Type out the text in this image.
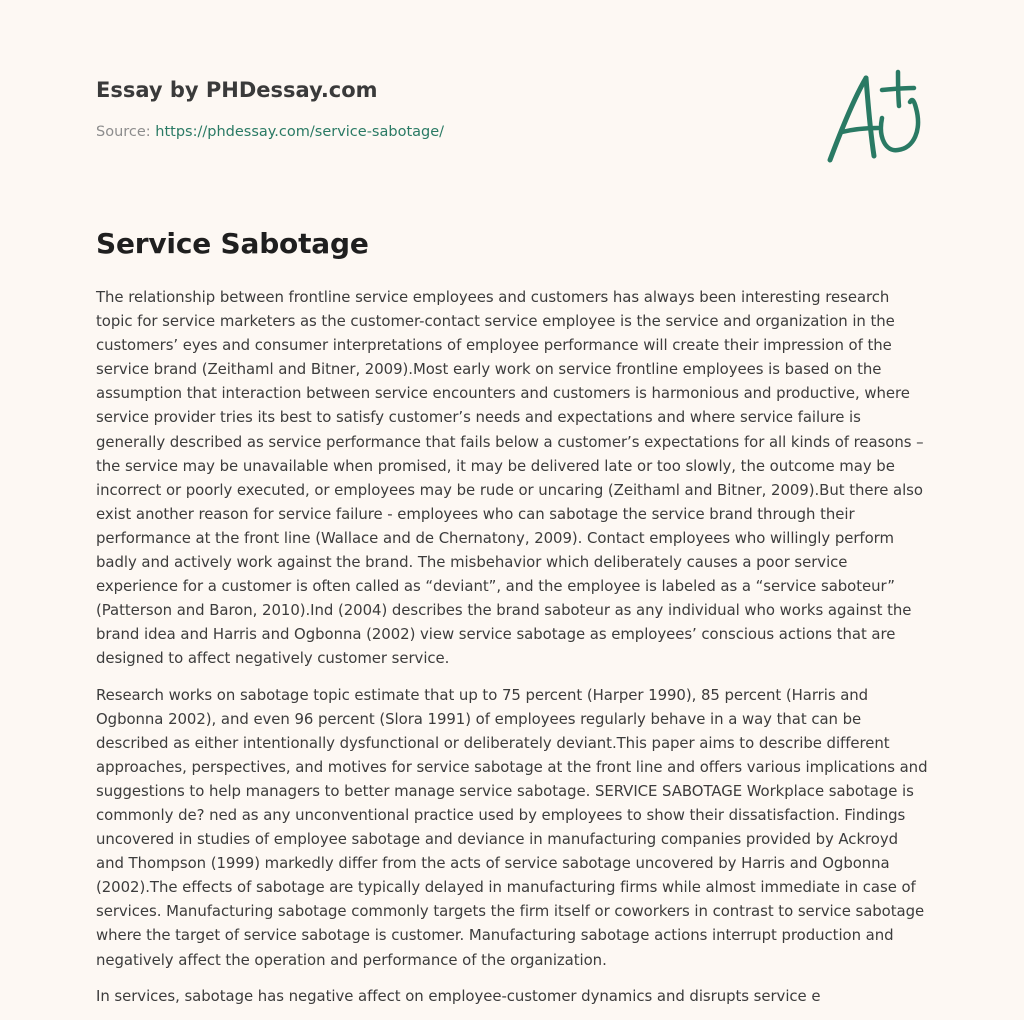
Essay by PHDessay.com
Source: https://phdessay.com/service-sabotage/
Service Sabotage

The relationship between frontline service employees and customers has always been interesting research topic for service marketers as the customer-contact service employee is the service and organization in the customers’ eyes and consumer interpretations of employee performance will create their impression of the service brand (Zeithaml and Bitner, 2009).Most early work on service frontline employees is based on the assumption that interaction between service encounters and customers is harmonious and productive, where service provider tries its best to satisfy customer’s needs and expectations and where service failure is generally described as service performance that fails below a customer’s expectations for all kinds of reasons – the service may be unavailable when promised, it may be delivered late or too slowly, the outcome may be incorrect or poorly executed, or employees may be rude or uncaring (Zeithaml and Bitner, 2009).But there also exist another reason for service failure - employees who can sabotage the service brand through their performance at the front line (Wallace and de Chernatony, 2009). Contact employees who willingly perform badly and actively work against the brand. The misbehavior which deliberately causes a poor service experience for a customer is often called as “deviant”, and the employee is labeled as a “service saboteur” (Patterson and Baron, 2010).Ind (2004) describes the brand saboteur as any individual who works against the brand idea and Harris and Ogbonna (2002) view service sabotage as employees’ conscious actions that are designed to affect negatively customer service.

Research works on sabotage topic estimate that up to 75 percent (Harper 1990), 85 percent (Harris and Ogbonna 2002), and even 96 percent (Slora 1991) of employees regularly behave in a way that can be described as either intentionally dysfunctional or deliberately deviant.This paper aims to describe different approaches, perspectives, and motives for service sabotage at the front line and offers various implications and suggestions to help managers to better manage service sabotage. SERVICE SABOTAGE Workplace sabotage is commonly de? ned as any unconventional practice used by employees to show their dissatisfaction. Findings uncovered in studies of employee sabotage and deviance in manufacturing companies provided by Ackroyd and Thompson (1999) markedly differ from the acts of service sabotage uncovered by Harris and Ogbonna (2002).The effects of sabotage are typically delayed in manufacturing firms while almost immediate in case of services. Manufacturing sabotage commonly targets the firm itself or coworkers in contrast to service sabotage where the target of service sabotage is customer. Manufacturing sabotage actions interrupt production and negatively affect the operation and performance of the organization.

In services, sabotage has negative affect on employee-customer dynamics and disrupts service e
